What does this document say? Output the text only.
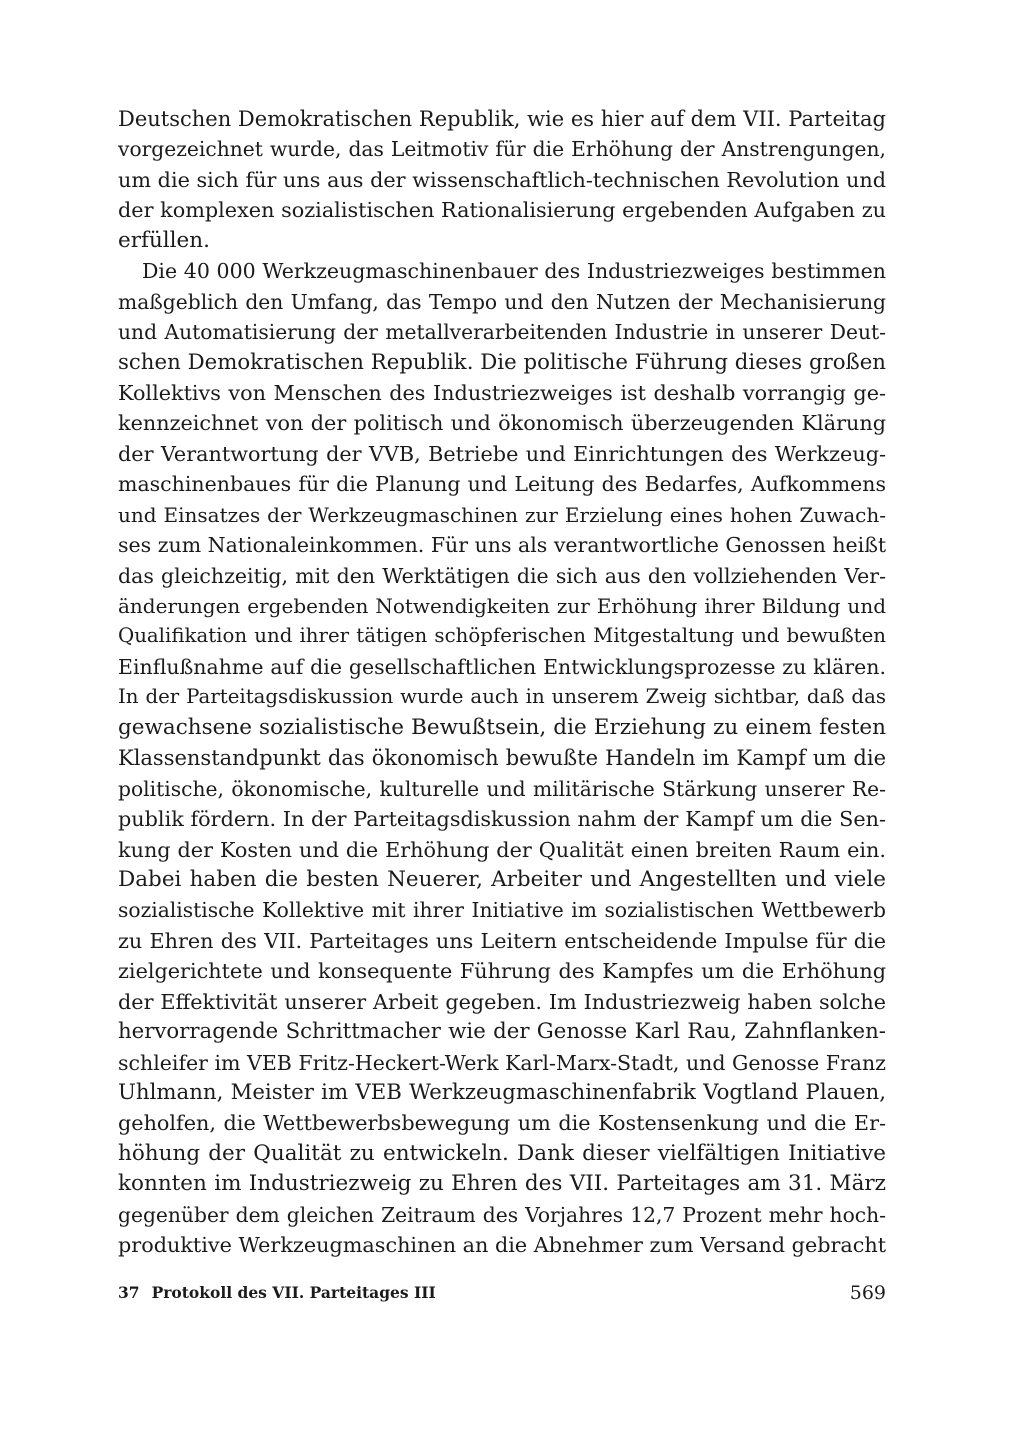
Deutschen Demokratischen Republik, wie es hier auf dem VII. Parteitag
vorgezeichnet wurde, das Leitmotiv für die Erhöhung der Anstrengungen,
um die sich für uns aus der wissenschaftlich-technischen Revolution und
der komplexen sozialistischen Rationalisierung ergebenden Aufgaben zu
erfüllen.
Die 40 000 Werkzeugmaschinenbauer des Industriezweiges bestimmen
maßgeblich den Umfang, das Tempo und den Nutzen der Mechanisierung
und Automatisierung der metallverarbeitenden Industrie in unserer Deut-
schen Demokratischen Republik. Die politische Führung dieses großen
Kollektivs von Menschen des Industriezweiges ist deshalb vorrangig ge-
kennzeichnet von der politisch und ökonomisch überzeugenden Klärung
der Verantwortung der VVB, Betriebe und Einrichtungen des Werkzeug-
maschinenbaues für die Planung und Leitung des Bedarfes, Aufkommens
und Einsatzes der Werkzeugmaschinen zur Erzielung eines hohen Zuwach-
ses zum Nationaleinkommen. Für uns als verantwortliche Genossen heißt
das gleichzeitig, mit den Werktätigen die sich aus den vollziehenden Ver-
änderungen ergebenden Notwendigkeiten zur Erhöhung ihrer Bildung und
Qualifikation und ihrer tätigen schöpferischen Mitgestaltung und bewußten
Einflußnahme auf die gesellschaftlichen Entwicklungsprozesse zu klären.
In der Parteitagsdiskussion wurde auch in unserem Zweig sichtbar, daß das
gewachsene sozialistische Bewußtsein, die Erziehung zu einem festen
Klassenstandpunkt das ökonomisch bewußte Handeln im Kampf um die
politische, ökonomische, kulturelle und militärische Stärkung unserer Re-
publik fördern. In der Parteitagsdiskussion nahm der Kampf um die Sen-
kung der Kosten und die Erhöhung der Qualität einen breiten Raum ein.
Dabei haben die besten Neuerer, Arbeiter und Angestellten und viele
sozialistische Kollektive mit ihrer Initiative im sozialistischen Wettbewerb
zu Ehren des VII. Parteitages uns Leitern entscheidende Impulse für die
zielgerichtete und konsequente Führung des Kampfes um die Erhöhung
der Effektivität unserer Arbeit gegeben. Im Industriezweig haben solche
hervorragende Schrittmacher wie der Genosse Karl Rau, Zahnflanken-
schleifer im VEB Fritz-Heckert-Werk Karl-Marx-Stadt, und Genosse Franz
Uhlmann, Meister im VEB Werkzeugmaschinenfabrik Vogtland Plauen,
geholfen, die Wettbewerbsbewegung um die Kostensenkung und die Er-
höhung der Qualität zu entwickeln. Dank dieser vielfältigen Initiative
konnten im Industriezweig zu Ehren des VII. Parteitages am 31. März
gegenüber dem gleichen Zeitraum des Vorjahres 12,7 Prozent mehr hoch-
produktive Werkzeugmaschinen an die Abnehmer zum Versand gebracht
37 Protokoll des VII. Parteitages III	569
